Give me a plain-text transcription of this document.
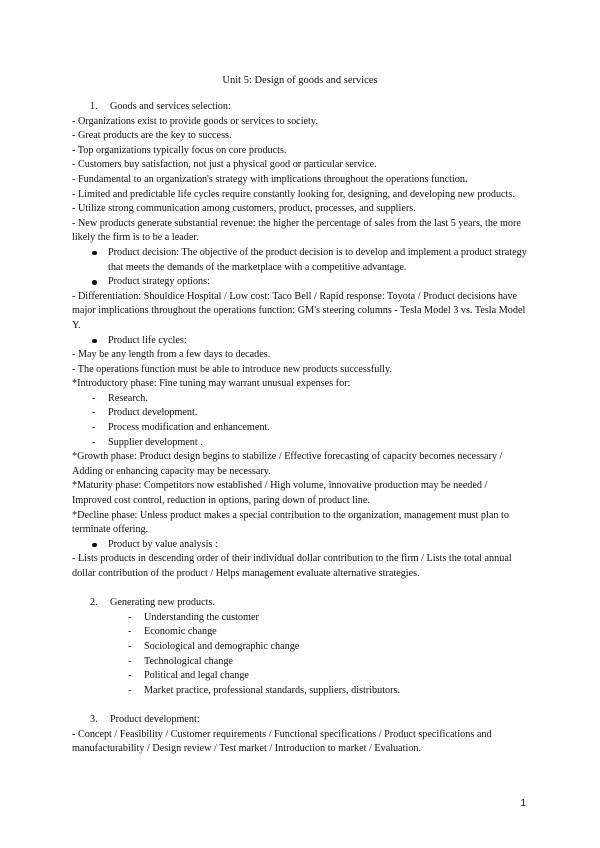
Unit 5: Design of goods and services

1. Goods and services selection:

- Organizations exist to provide goods or services to society.

- Great products are the key to success.

- Top organizations typically focus on core products.

- Customers buy satisfaction, not just a physical good or particular service.

- Fundamental to an organization's strategy with implications throughout the operations function.

- Limited and predictable life cycles require constantly looking for, designing, and developing new products.

- Utilize strong communication among customers, product, processes, and suppliers.

- New products generate substantial revenue: the higher the percentage of sales from the last 5 years, the more likely the firm is to be a leader.

Product decision: The objective of the product decision is to develop and implement a product strategy that meets the demands of the marketplace with a competitive advantage.

Product strategy options:

- Differentiation: Shouldice Hospital / Low cost: Taco Bell / Rapid response: Toyota / Product decisions have major implications throughout the operations function: GM's steering columns - Tesla Model 3 vs. Tesla Model Y.

Product life cycles:

- May be any length from a few days to decades.

- The operations function must be able to introduce new products successfully.

*Introductory phase: Fine tuning may warrant unusual expenses for:

- Research.

- Product development.

- Process modification and enhancement.

- Supplier development .

*Growth phase: Product design begins to stabilize / Effective forecasting of capacity becomes necessary / Adding or enhancing capacity may be necessary.

*Maturity phase: Competitors now established / High volume, innovative production may be needed / Improved cost control, reduction in options, paring down of product line.

*Decline phase: Unless product makes a special contribution to the organization, management must plan to terminate offering.

Product by value analysis :

- Lists products in descending order of their individual dollar contribution to the firm / Lists the total annual dollar contribution of the product / Helps management evaluate alternative strategies.

2. Generating new products.

- Understanding the customer

- Economic change

- Sociological and demographic change

- Technological change

- Political and legal change

- Market practice, professional standards, suppliers, distributors.

3. Product development:

- Concept / Feasibility / Customer requirements / Functional specifications / Product specifications and manufacturability / Design review / Test market / Introduction to market / Evaluation.

1
